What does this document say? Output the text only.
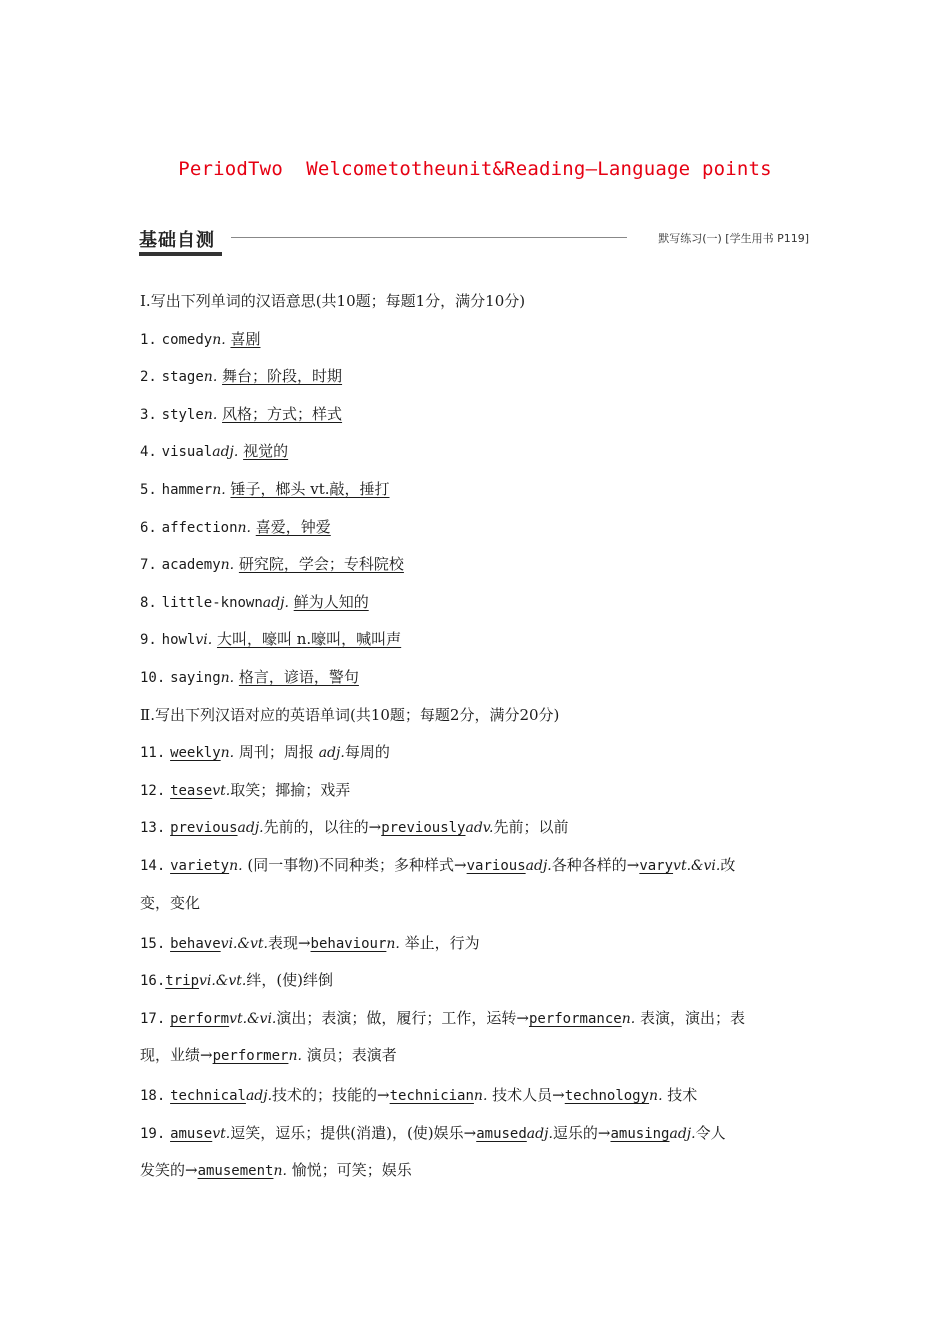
PeriodTwo  Welcometotheunit&Reading—Language points
基础自测	默写练习(一) [学生用书 P119]
Ⅰ.写出下列单词的汉语意思(共10题；每题1分，满分10分)
1. comedyn. 喜剧
2. stagen. 舞台；阶段，时期
3. stylen. 风格；方式；样式
4. visualadj. 视觉的
5. hammern. 锤子，榔头 vt.敲，捶打
6. affectionn. 喜爱，钟爱
7. academyn. 研究院，学会；专科院校
8. little-knownadj. 鲜为人知的
9. howlvi. 大叫，嚎叫 n.嚎叫，喊叫声
10. sayingn. 格言，谚语，警句
Ⅱ.写出下列汉语对应的英语单词(共10题；每题2分，满分20分)
11. weeklyn. 周刊；周报 adj.每周的
12. teasevt.取笑；揶揄；戏弄
13. previousadj.先前的，以往的→previouslyadv.先前；以前
14. varietyn. (同一事物)不同种类；多种样式→variousadj.各种各样的→varyvt.&vi.改
变，变化
15. behavevi.&vt.表现→behaviourn. 举止，行为
16.tripvi.&vt.绊，(使)绊倒
17. performvt.&vi.演出；表演；做，履行；工作，运转→performancen. 表演，演出；表
现，业绩→performern. 演员；表演者
18. technicaladj.技术的；技能的→techniciann. 技术人员→technologyn. 技术
19. amusevt.逗笑，逗乐；提供(消遣)，(使)娱乐→amusedadj.逗乐的→amusingadj.令人
发笑的→amusementn. 愉悦；可笑；娱乐
